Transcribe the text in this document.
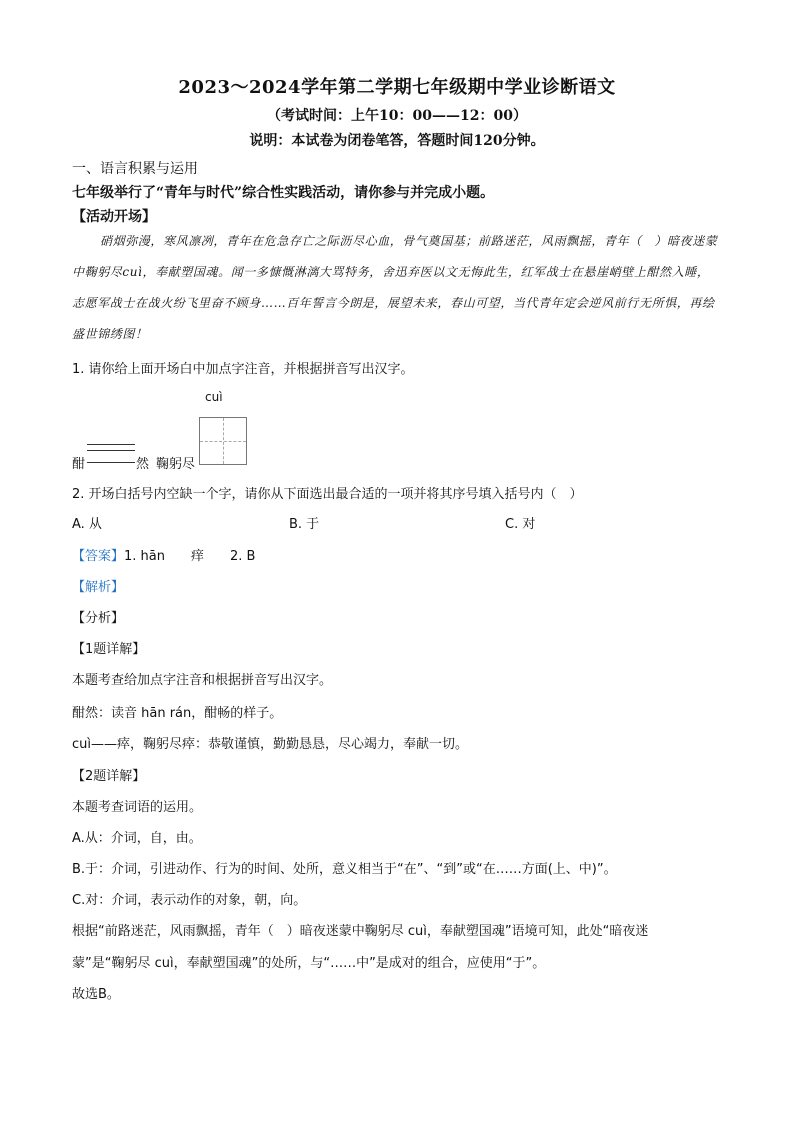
2023～2024学年第二学期七年级期中学业诊断语文
（考试时间：上午10：00——12：00）
说明：本试卷为闭卷笔答，答题时间120分钟。
一、语言积累与运用
七年级举行了“青年与时代”综合性实践活动，请你参与并完成小题。
【活动开场】
硝烟弥漫，寒风凛冽，青年在危急存亡之际沥尽心血，骨气奠国基；前路迷茫，风雨飘摇，青年（　）暗夜迷蒙中鞠躬尽cuì，奉献塑国魂。闻一多慷慨淋漓大骂特务，舍迅弃医以文无悔此生，红军战士在悬崖峭壁上酣然入睡，志愿军战士在战火纷飞里奋不顾身……百年誓言今朗是，展望未来，春山可望，当代青年定会逆风前行无所惧，再绘盛世锦绣图！
1. 请你给上面开场白中加点字注音，并根据拼音写出汉字。
cuì
酣	然 鞠躬尽
2. 开场白括号内空缺一个字，请你从下面选出最合适的一项并将其序号填入括号内（　）
A. 从	B. 于	C. 对
【答案】1. hān　　痒　　2. B
【解析】
【分析】
【1题详解】
本题考查给加点字注音和根据拼音写出汉字。
酣然：读音 hān rán，酣畅的样子。
cuì——瘁，鞠躬尽瘁：恭敬谨慎，勤勤恳恳，尽心竭力，奉献一切。
【2题详解】
本题考查词语的运用。
A.从：介词，自，由。
B.于：介词，引进动作、行为的时间、处所，意义相当于“在”、“到”或“在……方面(上、中)”。
C.对：介词，表示动作的对象，朝，向。
根据“前路迷茫，风雨飘摇，青年（　）暗夜迷蒙中鞠躬尽 cuì，奉献塑国魂”语境可知，此处“暗夜迷
蒙”是“鞠躬尽 cuì，奉献塑国魂”的处所，与“……中”是成对的组合，应使用“于”。
故选B。
